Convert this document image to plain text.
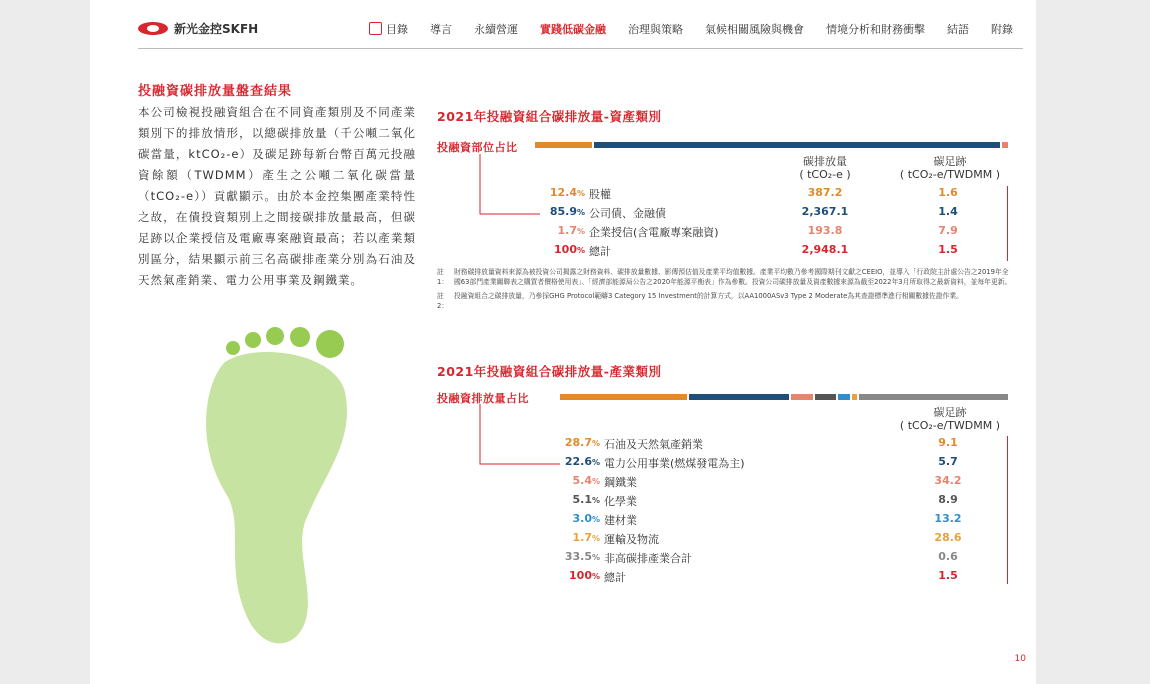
新光金控SKFH	目錄 導言 永續營運 實踐低碳金融 治理與策略 氣候相關風險與機會 情境分析和財務衝擊 結語 附錄
投融資碳排放量盤查結果
本公司檢視投融資組合在不同資產類別及不同產業類別下的排放情形，以總碳排放量（千公噸二氧化碳當量，ktCO₂-e）及碳足跡每新台幣百萬元投融資餘額（TWDMM）產生之公噸二氧化碳當量（tCO₂-e））貢獻顯示。由於本金控集團產業特性之故，在債投資類別上之間接碳排放量最高，但碳足跡以企業授信及電廠專案融資最高；若以產業類別區分，結果顯示前三名高碳排產業分別為石油及天然氣產銷業、電力公用事業及鋼鐵業。
2021年投融資組合碳排放量-資產類別
投融資部位占比
碳排放量
( tCO₂-e )
碳足跡
( tCO₂-e/TWDMM )
12.4% 股權	387.2	1.6
85.9% 公司債、金融債	2,367.1	1.4
1.7% 企業授信(含電廠專案融資)	193.8	7.9
100% 總計	2,948.1	1.5
註1：
財務碳排放量資料來源為被投資公司揭露之財務資料、碳排放量數據、影傳預估值及產業平均值數據。產業平均數乃參考國際期刊文獻之CEEIO，並導入「行政院主計處公告之2019年全國63部門產業關聯表之購買者價格使用表」、「經濟部能源局公告之2020年能源平衡表」作為參數。投資公司碳排放量及資產數據來源為截至2022年3月所取得之最新資料，並每年更新。
註2：
投融資組合之碳排放量，乃參採GHG Protocol範疇3 Category 15 Investment的計算方式，以AA1000ASv3 Type 2 Moderate為其查證標準進行相關數據佐證作業。
2021年投融資組合碳排放量-產業類別
投融資排放量占比
碳足跡
( tCO₂-e/TWDMM )
28.7% 石油及天然氣產銷業	9.1
22.6% 電力公用事業(燃煤發電為主)	5.7
5.4% 鋼鐵業	34.2
5.1% 化學業	8.9
3.0% 建材業	13.2
1.7% 運輸及物流	28.6
33.5% 非高碳排產業合計	0.6
100% 總計	1.5
10
